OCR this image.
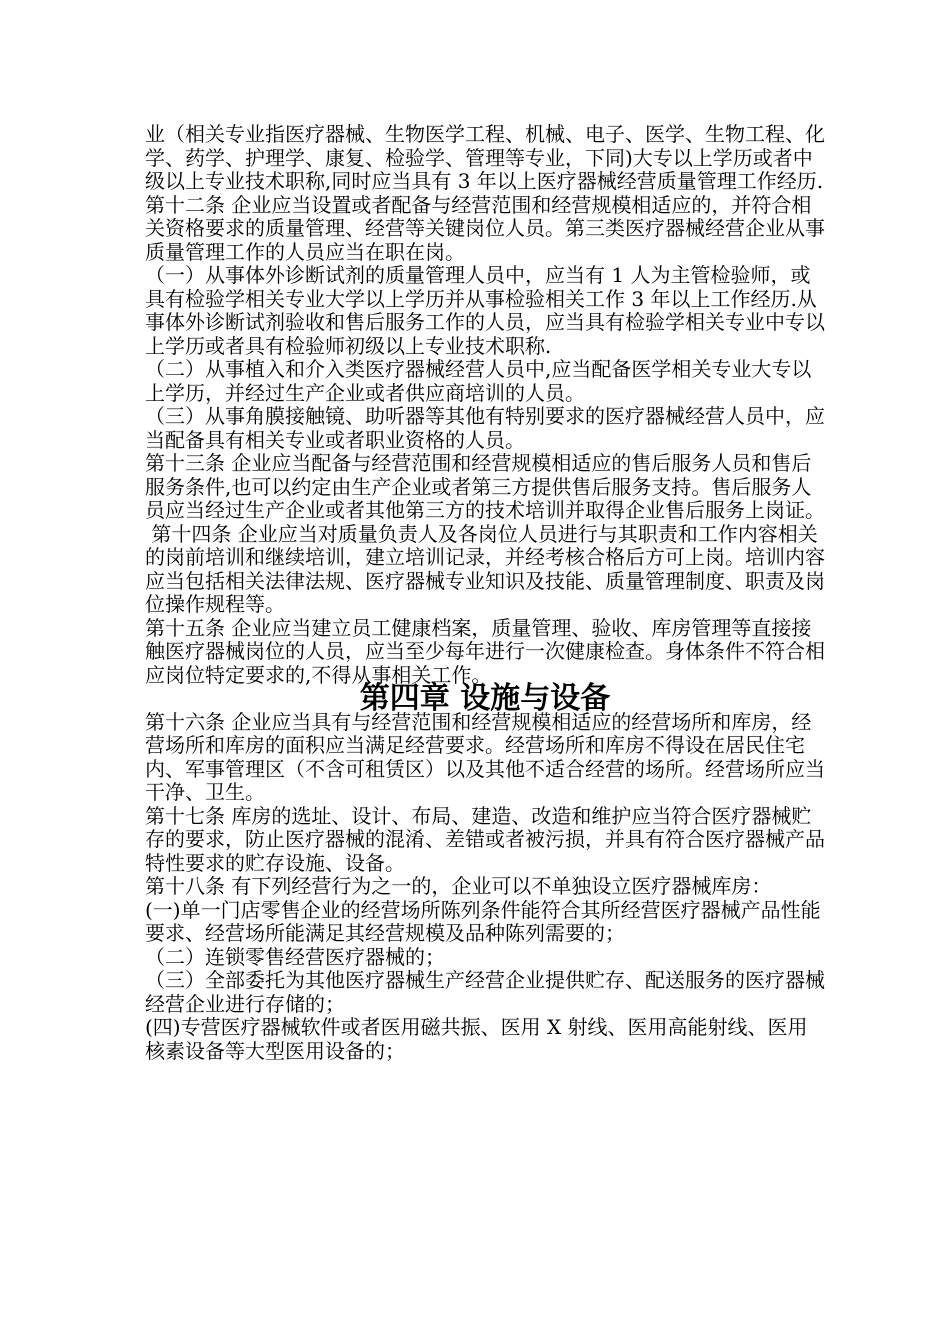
业（相关专业指医疗器械、生物医学工程、机械、电子、医学、生物工程、化学、药学、护理学、康复、检验学、管理等专业，下同)大专以上学历或者中级以上专业技术职称,同时应当具有 3 年以上医疗器械经营质量管理工作经历.

第十二条 企业应当设置或者配备与经营范围和经营规模相适应的，并符合相关资格要求的质量管理、经营等关键岗位人员。第三类医疗器械经营企业从事质量管理工作的人员应当在职在岗。

（一）从事体外诊断试剂的质量管理人员中，应当有 1 人为主管检验师，或具有检验学相关专业大学以上学历并从事检验相关工作 3 年以上工作经历.从事体外诊断试剂验收和售后服务工作的人员，应当具有检验学相关专业中专以上学历或者具有检验师初级以上专业技术职称.

（二）从事植入和介入类医疗器械经营人员中,应当配备医学相关专业大专以上学历，并经过生产企业或者供应商培训的人员。

（三）从事角膜接触镜、助听器等其他有特别要求的医疗器械经营人员中，应当配备具有相关专业或者职业资格的人员。

第十三条 企业应当配备与经营范围和经营规模相适应的售后服务人员和售后服务条件,也可以约定由生产企业或者第三方提供售后服务支持。售后服务人员应当经过生产企业或者其他第三方的技术培训并取得企业售后服务上岗证。

第十四条 企业应当对质量负责人及各岗位人员进行与其职责和工作内容相关的岗前培训和继续培训，建立培训记录，并经考核合格后方可上岗。培训内容应当包括相关法律法规、医疗器械专业知识及技能、质量管理制度、职责及岗位操作规程等。

第十五条 企业应当建立员工健康档案，质量管理、验收、库房管理等直接接触医疗器械岗位的人员，应当至少每年进行一次健康检查。身体条件不符合相应岗位特定要求的,不得从事相关工作。

第四章 设施与设备

第十六条 企业应当具有与经营范围和经营规模相适应的经营场所和库房，经营场所和库房的面积应当满足经营要求。经营场所和库房不得设在居民住宅内、军事管理区（不含可租赁区）以及其他不适合经营的场所。经营场所应当干净、卫生。

第十七条 库房的选址、设计、布局、建造、改造和维护应当符合医疗器械贮存的要求，防止医疗器械的混淆、差错或者被污损，并具有符合医疗器械产品特性要求的贮存设施、设备。

第十八条 有下列经营行为之一的，企业可以不单独设立医疗器械库房：

(一)单一门店零售企业的经营场所陈列条件能符合其所经营医疗器械产品性能要求、经营场所能满足其经营规模及品种陈列需要的；

（二）连锁零售经营医疗器械的；

（三）全部委托为其他医疗器械生产经营企业提供贮存、配送服务的医疗器械经营企业进行存储的；

(四)专营医疗器械软件或者医用磁共振、医用 X 射线、医用高能射线、医用核素设备等大型医用设备的；
